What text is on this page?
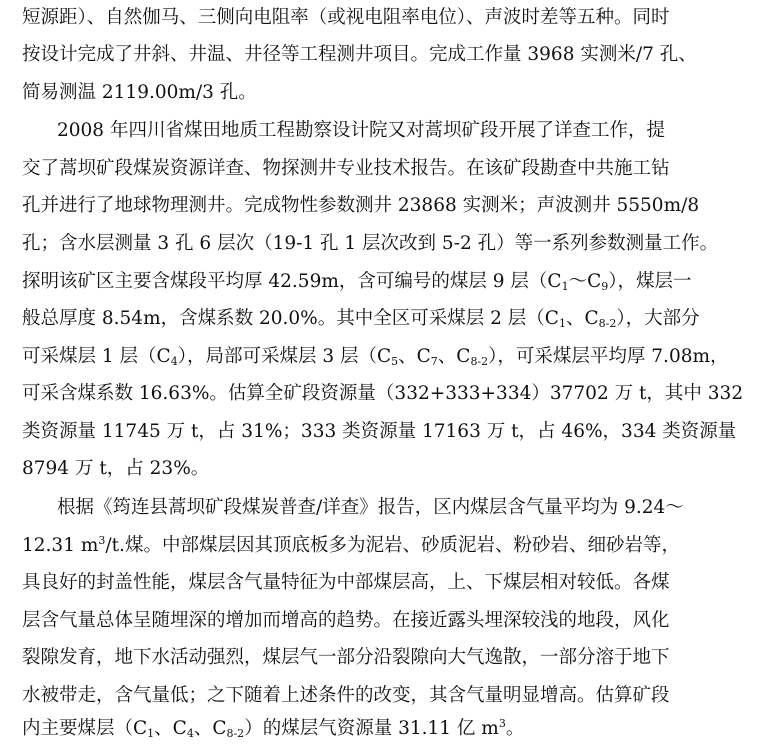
短源距）、自然伽马、三侧向电阻率（或视电阻率电位）、声波时差等五种。同时
按设计完成了井斜、井温、井径等工程测井项目。完成工作量 3968 实测米/7 孔、
简易测温 2119.00m/3 孔。
2008 年四川省煤田地质工程勘察设计院又对蒿坝矿段开展了详查工作，提
交了蒿坝矿段煤炭资源详查、物探测井专业技术报告。在该矿段勘查中共施工钻
孔并进行了地球物理测井。完成物性参数测井 23868 实测米；声波测井 5550m/8
孔；含水层测量 3 孔 6 层次（19-1 孔 1 层次改到 5-2 孔）等一系列参数测量工作。
探明该矿区主要含煤段平均厚 42.59m，含可编号的煤层 9 层$(C_1\sim C_9)$，煤层一
般总厚度 8.54m，含煤系数 20.0%。其中全区可采煤层 2 层（$C_1$、$C_{8-2}$），大部分
可采煤层 1 层$(C_4)$，局部可采煤层 3 层（$C_5$、$C_7$、$C_{8-2}$），可采煤层平均厚 7.08m，
可采含煤系数 16.63%。估算全矿段资源量（332+333+334）37702 万 t，其中 332
类资源量 11745 万 t，占 31%；333 类资源量 17163 万 t，占 46%，334 类资源量
8794 万 t，占 23%。
根据《筠连县蒿坝矿段煤炭普查/详查》报告，区内煤层含气量平均为 9.24～
12.31 $m^3/t$.煤。中部煤层因其顶底板多为泥岩、砂质泥岩、粉砂岩、细砂岩等，
具良好的封盖性能，煤层含气量特征为中部煤层高，上、下煤层相对较低。各煤
层含气量总体呈随埋深的增加而增高的趋势。在接近露头埋深较浅的地段，风化
裂隙发育，地下水活动强烈，煤层气一部分沿裂隙向大气逸散，一部分溶于地下
水被带走，含气量低；之下随着上述条件的改变，其含气量明显增高。估算矿段
内主要煤层（$C_1$、$C_4$、$C_{8-2}$）的煤层气资源量 31.11 亿 $m^3$。
